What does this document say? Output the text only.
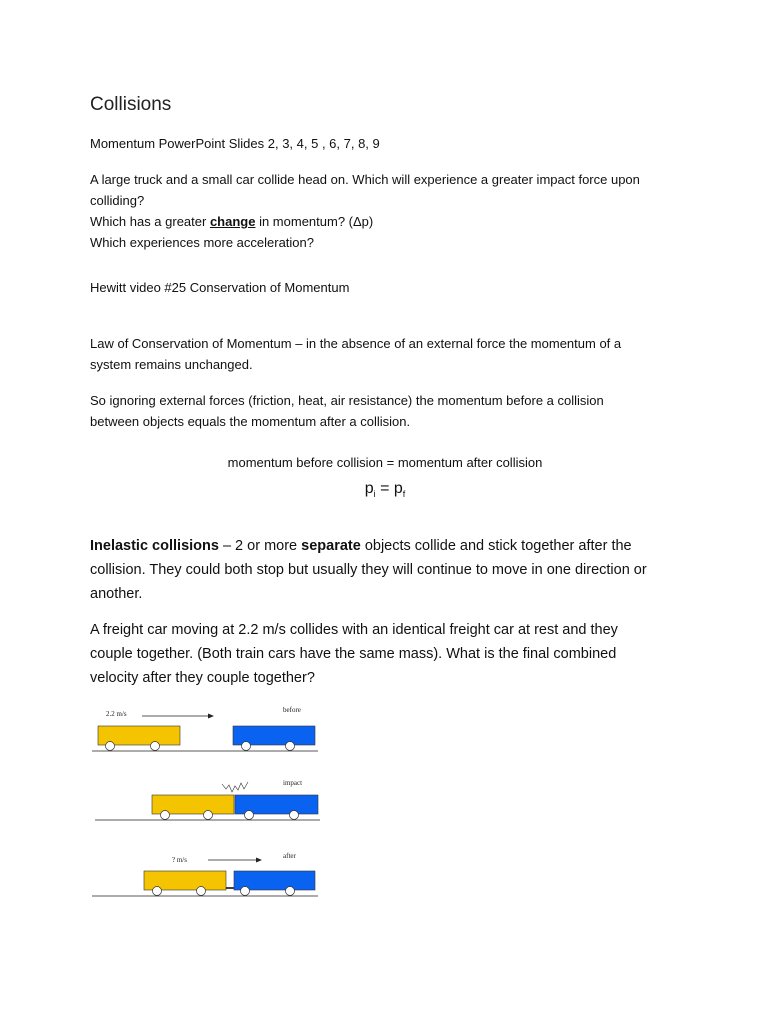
Collisions
Momentum PowerPoint Slides 2, 3, 4, 5 , 6, 7, 8, 9
A large truck and a small car collide head on. Which will experience a greater impact force upon
colliding?
Which has a greater change in momentum? (Δp)
Which experiences more acceleration?
Hewitt video #25 Conservation of Momentum
Law of Conservation of Momentum – in the absence of an external force the momentum of a
system remains unchanged.
So ignoring external forces (friction, heat, air resistance) the momentum before a collision
between objects equals the momentum after a collision.
momentum before collision = momentum after collision
$p_i = p_f$
Inelastic collisions – 2 or more separate objects collide and stick together after the
collision. They could both stop but usually they will continue to move in one direction or
another.
A freight car moving at 2.2 m/s collides with an identical freight car at rest and they
couple together. (Both train cars have the same mass). What is the final combined
velocity after they couple together?
2.2 m/s	before
impact
? m/s	after
